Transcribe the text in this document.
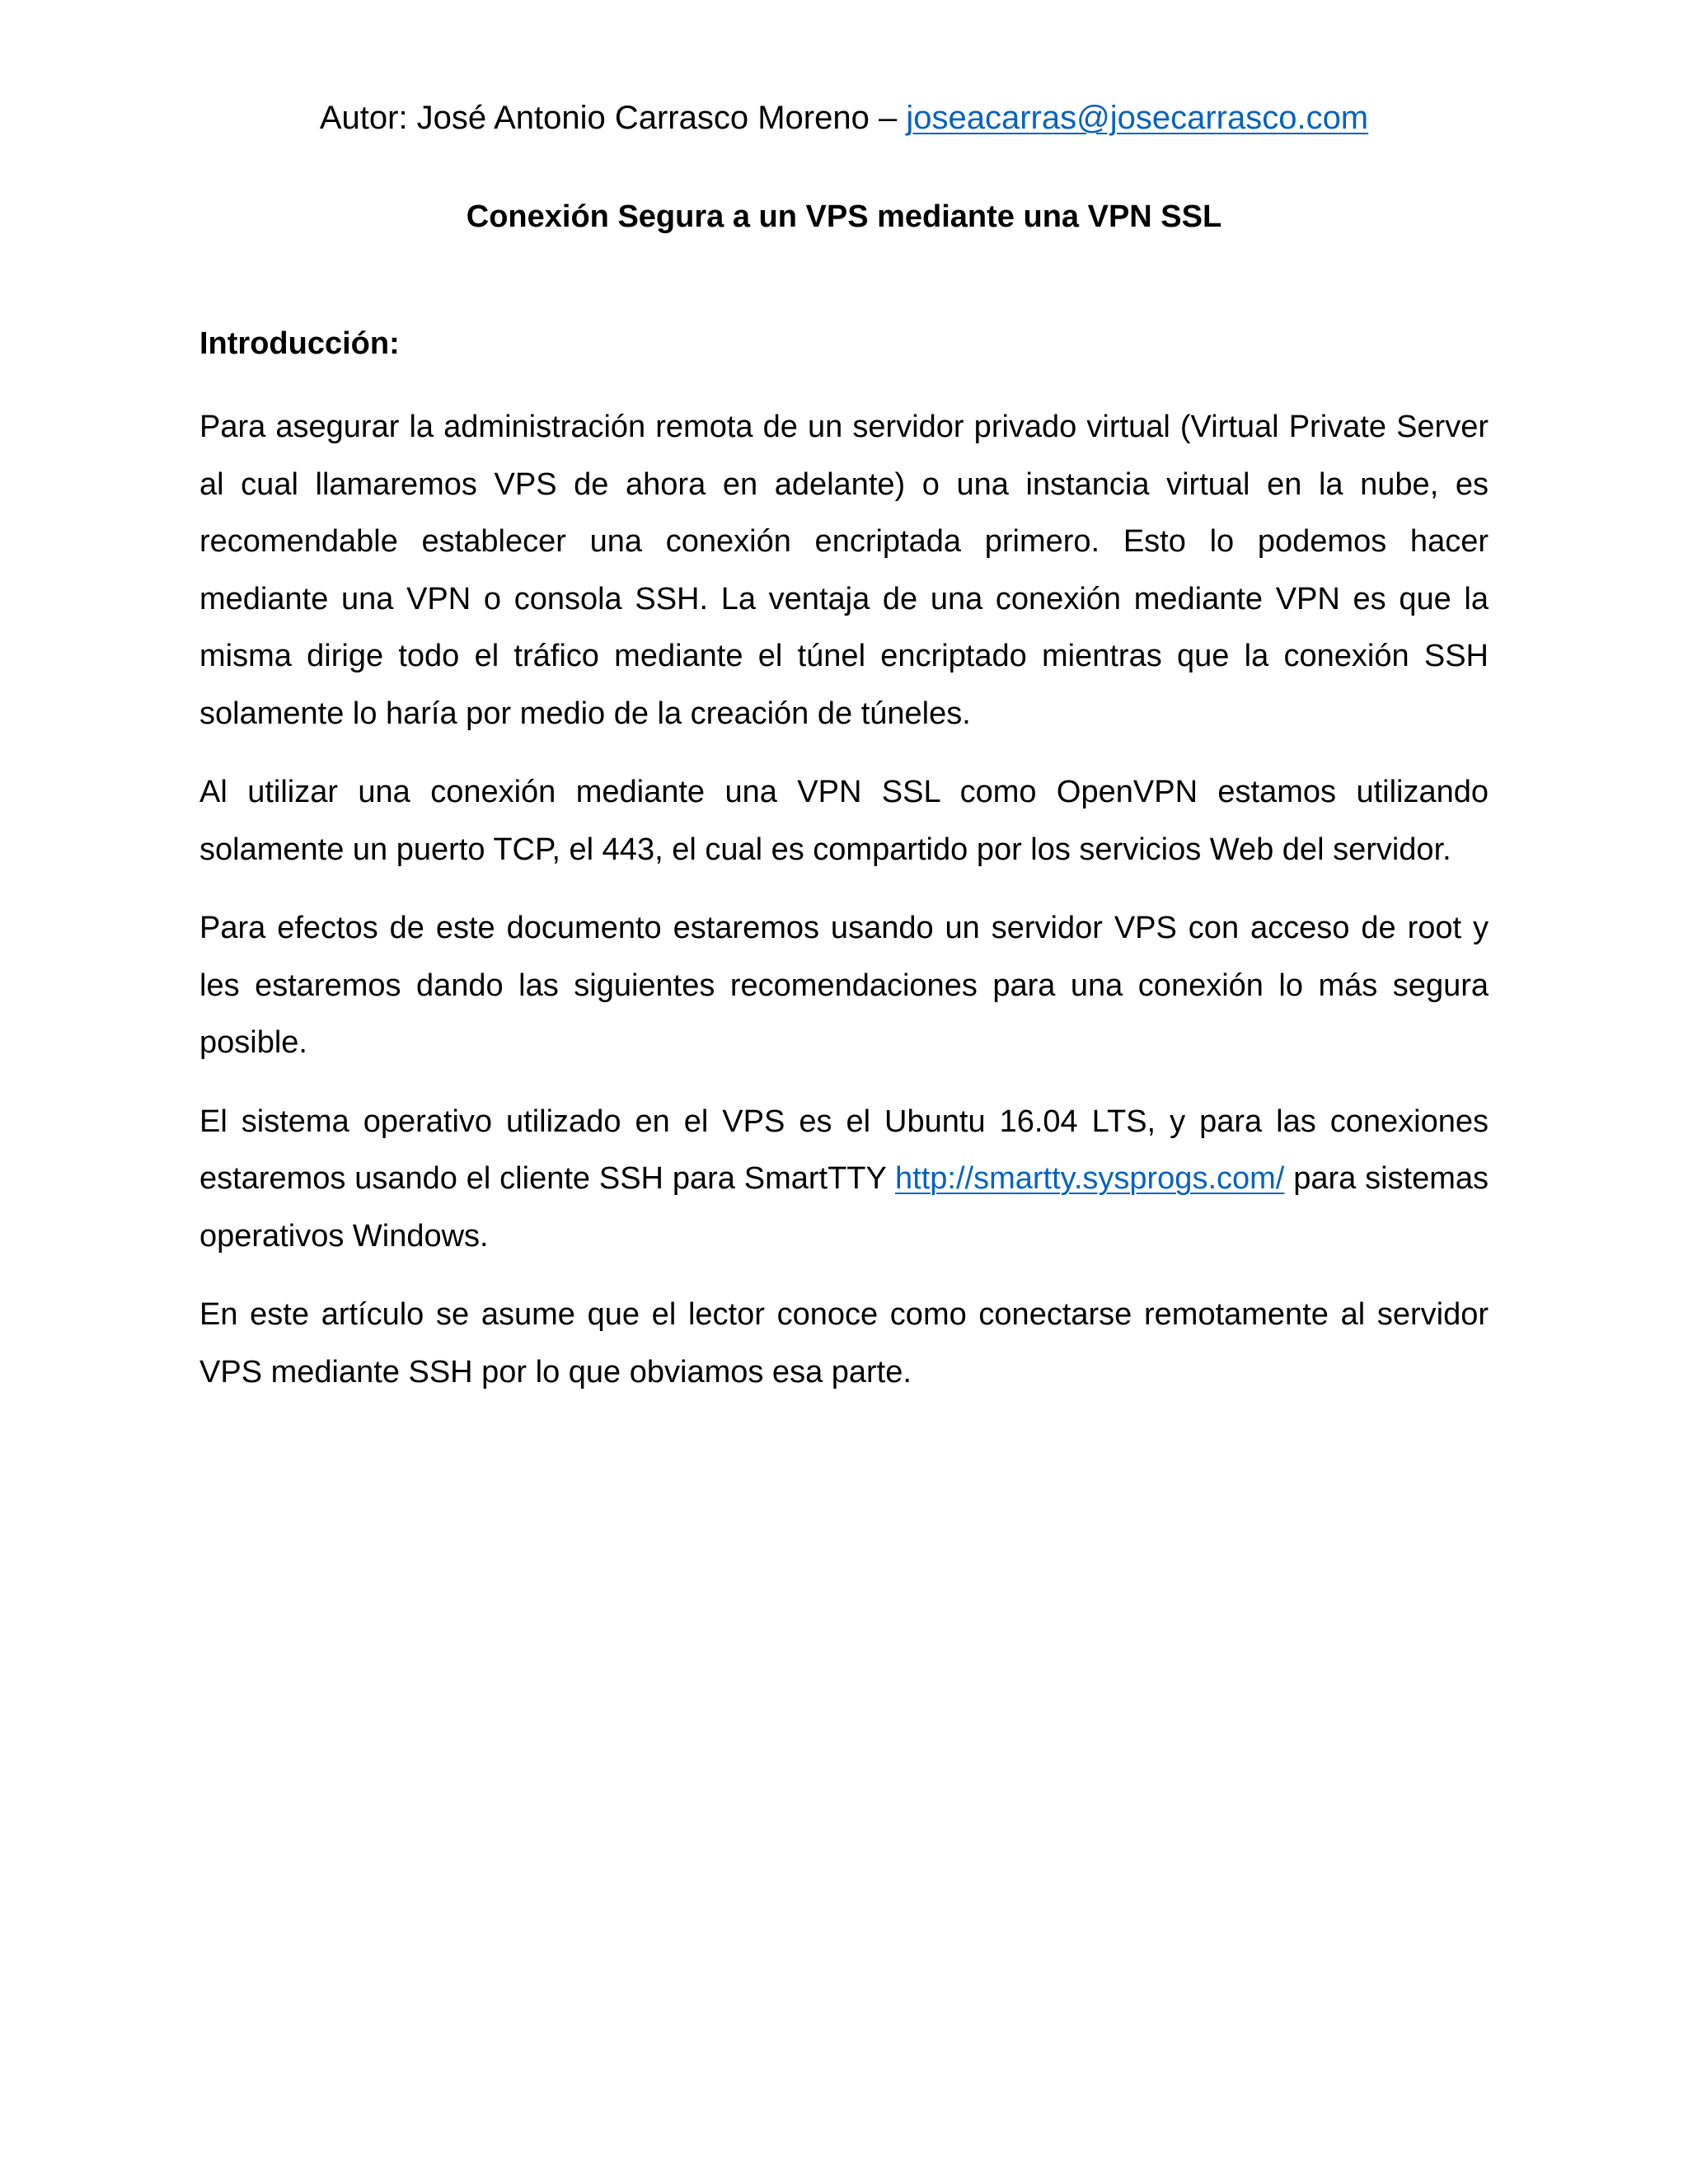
Autor: José Antonio Carrasco Moreno – joseacarras@josecarrasco.com
Conexión Segura a un VPS mediante una VPN SSL
Introducción:

Para asegurar la administración remota de un servidor privado virtual (Virtual Private Server al cual llamaremos VPS de ahora en adelante) o una instancia virtual en la nube, es recomendable establecer una conexión encriptada primero. Esto lo podemos hacer mediante una VPN o consola SSH. La ventaja de una conexión mediante VPN es que la misma dirige todo el tráfico mediante el túnel encriptado mientras que la conexión SSH solamente lo haría por medio de la creación de túneles.

Al utilizar una conexión mediante una VPN SSL como OpenVPN estamos utilizando solamente un puerto TCP, el 443, el cual es compartido por los servicios Web del servidor.

Para efectos de este documento estaremos usando un servidor VPS con acceso de root y les estaremos dando las siguientes recomendaciones para una conexión lo más segura posible.

El sistema operativo utilizado en el VPS es el Ubuntu 16.04 LTS, y para las conexiones estaremos usando el cliente SSH para SmartTTY http://smartty.sysprogs.com/ para sistemas operativos Windows.

En este artículo se asume que el lector conoce como conectarse remotamente al servidor VPS mediante SSH por lo que obviamos esa parte.
